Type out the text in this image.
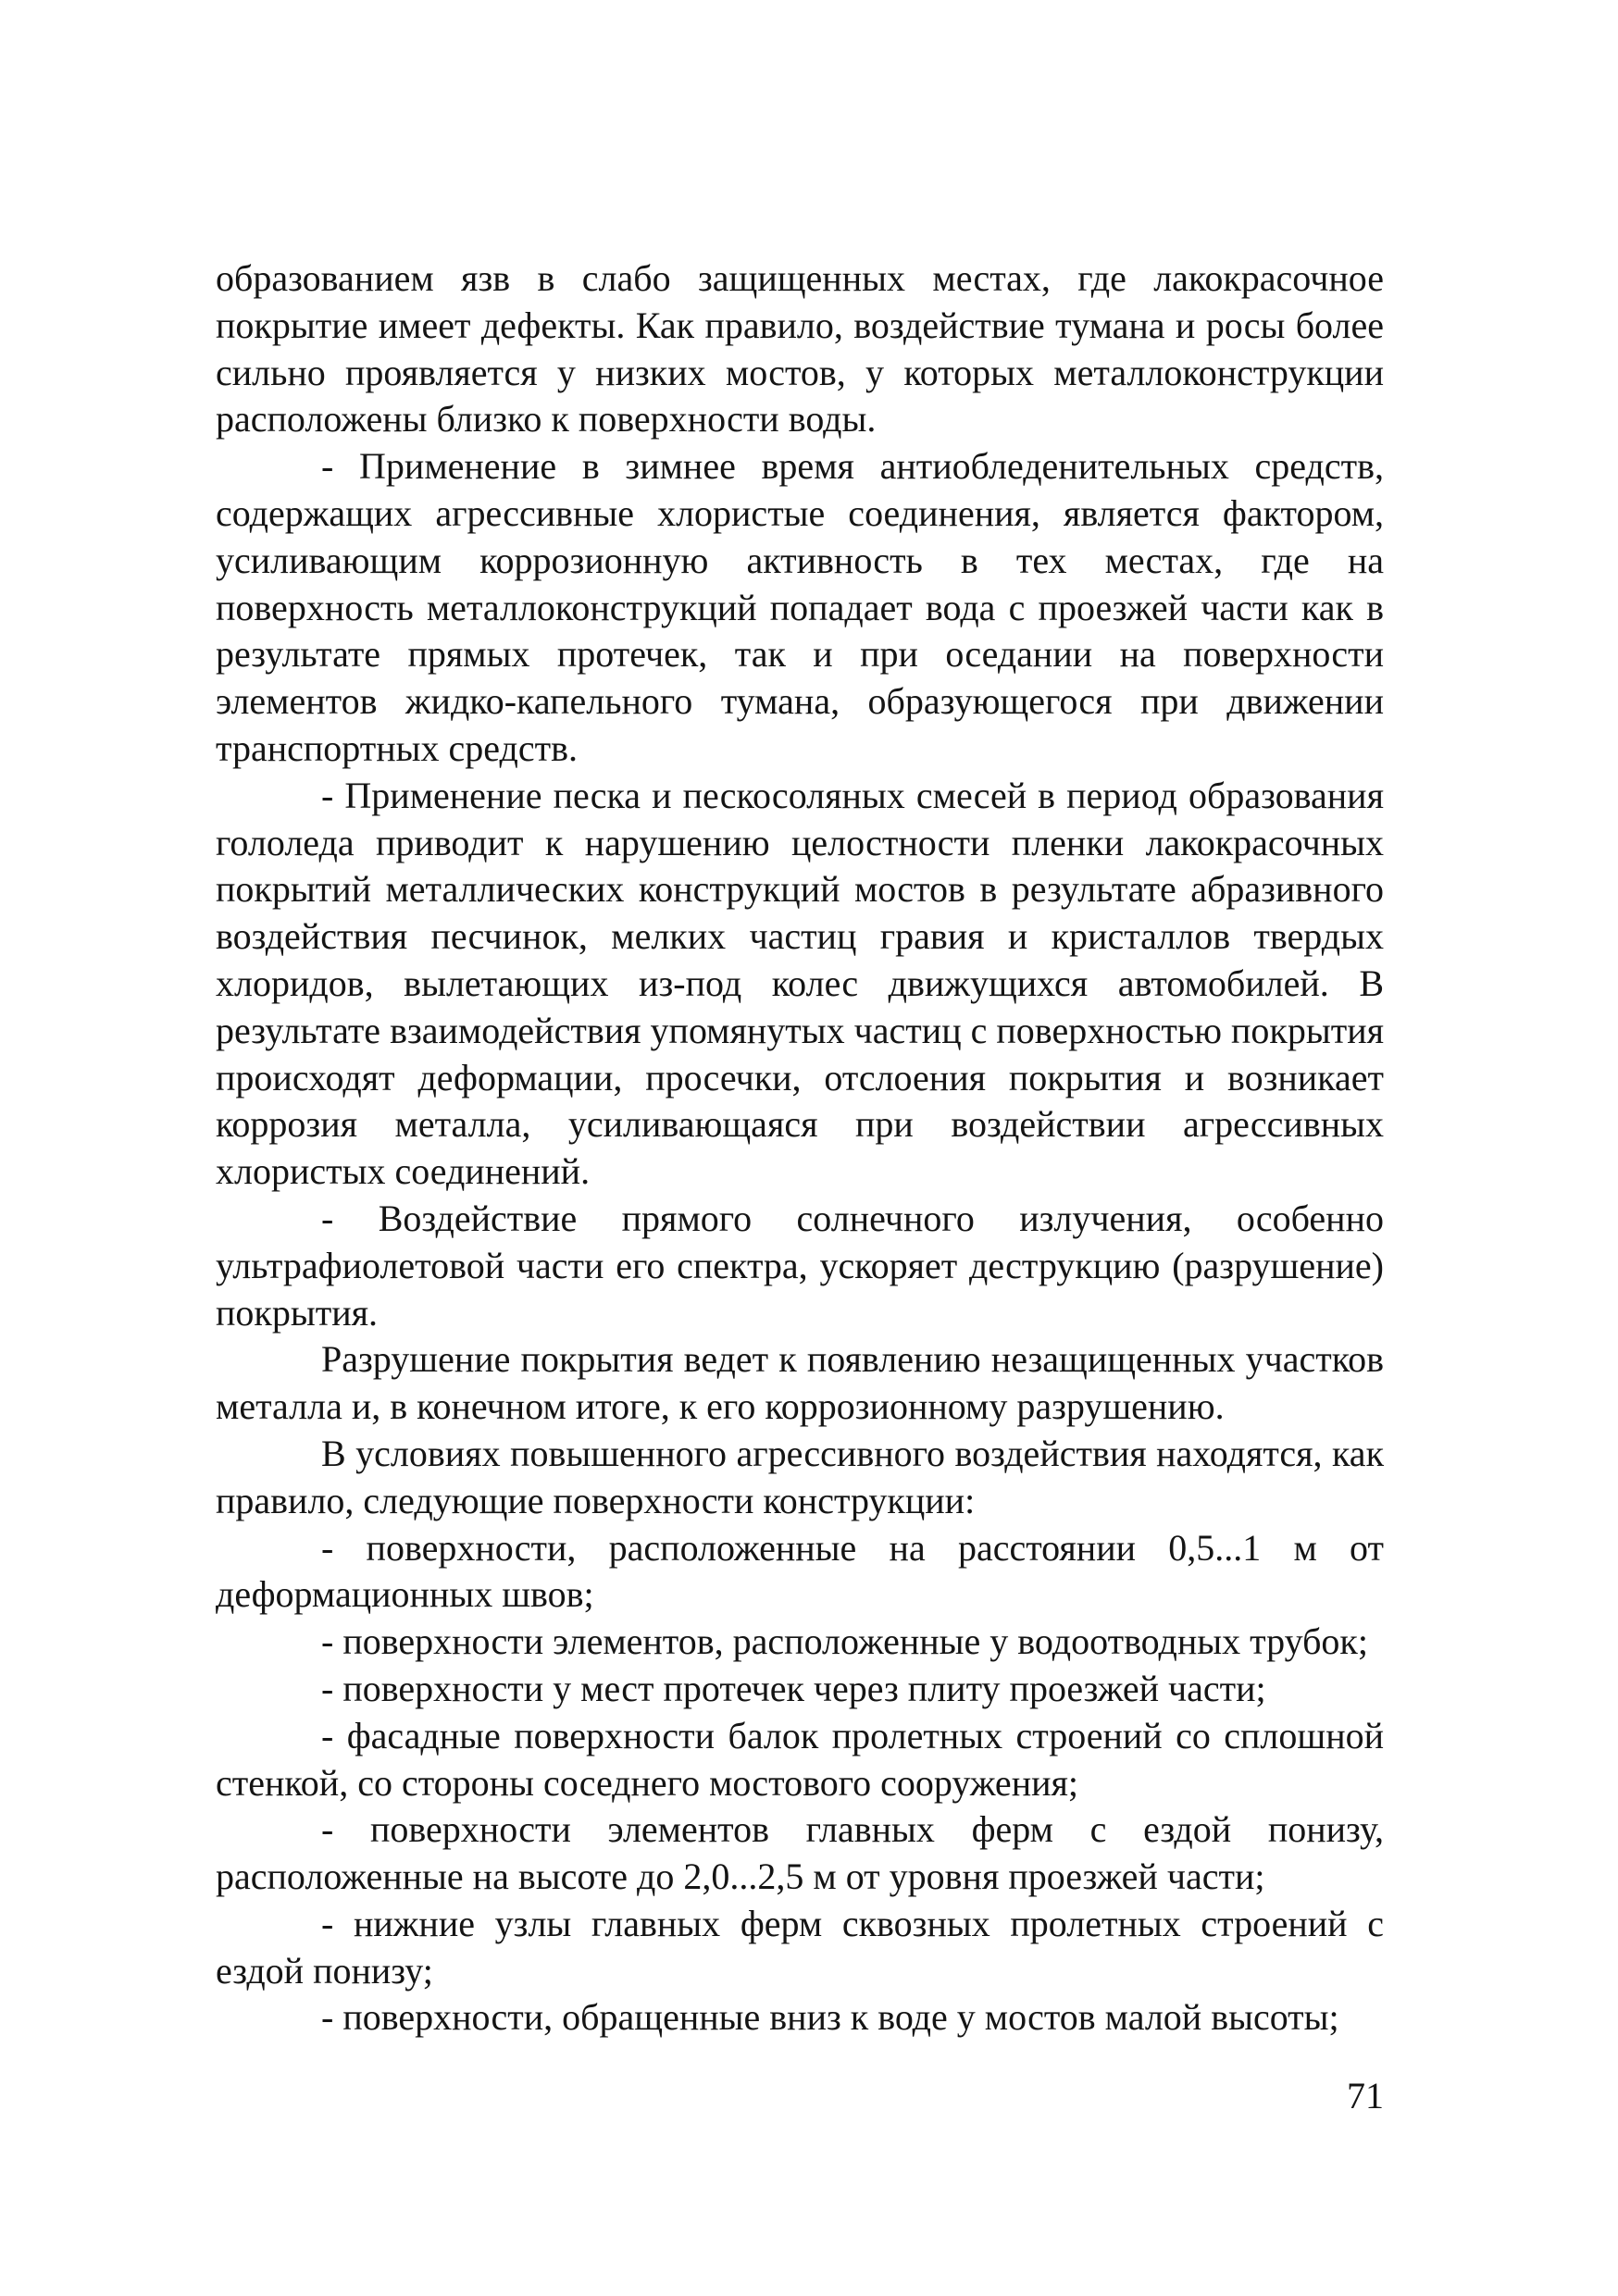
образованием язв в слабо защищенных местах, где лакокрасочное покрытие имеет дефекты. Как правило, воздействие тумана и росы более сильно проявляется у низких мостов, у которых металлоконструкции расположены близко к поверхности воды.

- Применение в зимнее время антиобледенительных средств, содержащих агрессивные хлористые соединения, является фактором, усиливающим коррозионную активность в тех местах, где на поверхность металлоконструкций попадает вода с проезжей части как в результате прямых протечек, так и при оседании на поверхности элементов жидко-капельного тумана, образующегося при движении транспортных средств.

- Применение песка и пескосоляных смесей в период образования гололеда приводит к нарушению целостности пленки лакокрасочных покрытий металлических конструкций мостов в результате абразивного воздействия песчинок, мелких частиц гравия и кристаллов твердых хлоридов, вылетающих из-под колес движущихся автомобилей. В результате взаимодействия упомянутых частиц с поверхностью покрытия происходят деформации, просечки, отслоения покрытия и возникает коррозия металла, усиливающаяся при воздействии агрессивных хлористых соединений.

- Воздействие прямого солнечного излучения, особенно ультрафиолетовой части его спектра, ускоряет деструкцию (разрушение) покрытия.

Разрушение покрытия ведет к появлению незащищенных участков металла и, в конечном итоге, к его коррозионному разрушению.

В условиях повышенного агрессивного воздействия находятся, как правило, следующие поверхности конструкции:

- поверхности, расположенные на расстоянии 0,5...1 м от деформационных швов;

- поверхности элементов, расположенные у водоотводных трубок;

- поверхности у мест протечек через плиту проезжей части;

- фасадные поверхности балок пролетных строений со сплошной стенкой, со стороны соседнего мостового сооружения;

- поверхности элементов главных ферм с ездой понизу, расположенные на высоте до 2,0...2,5 м от уровня проезжей части;

- нижние узлы главных ферм сквозных пролетных строений с ездой понизу;

- поверхности, обращенные вниз к воде у мостов малой высоты;

71
